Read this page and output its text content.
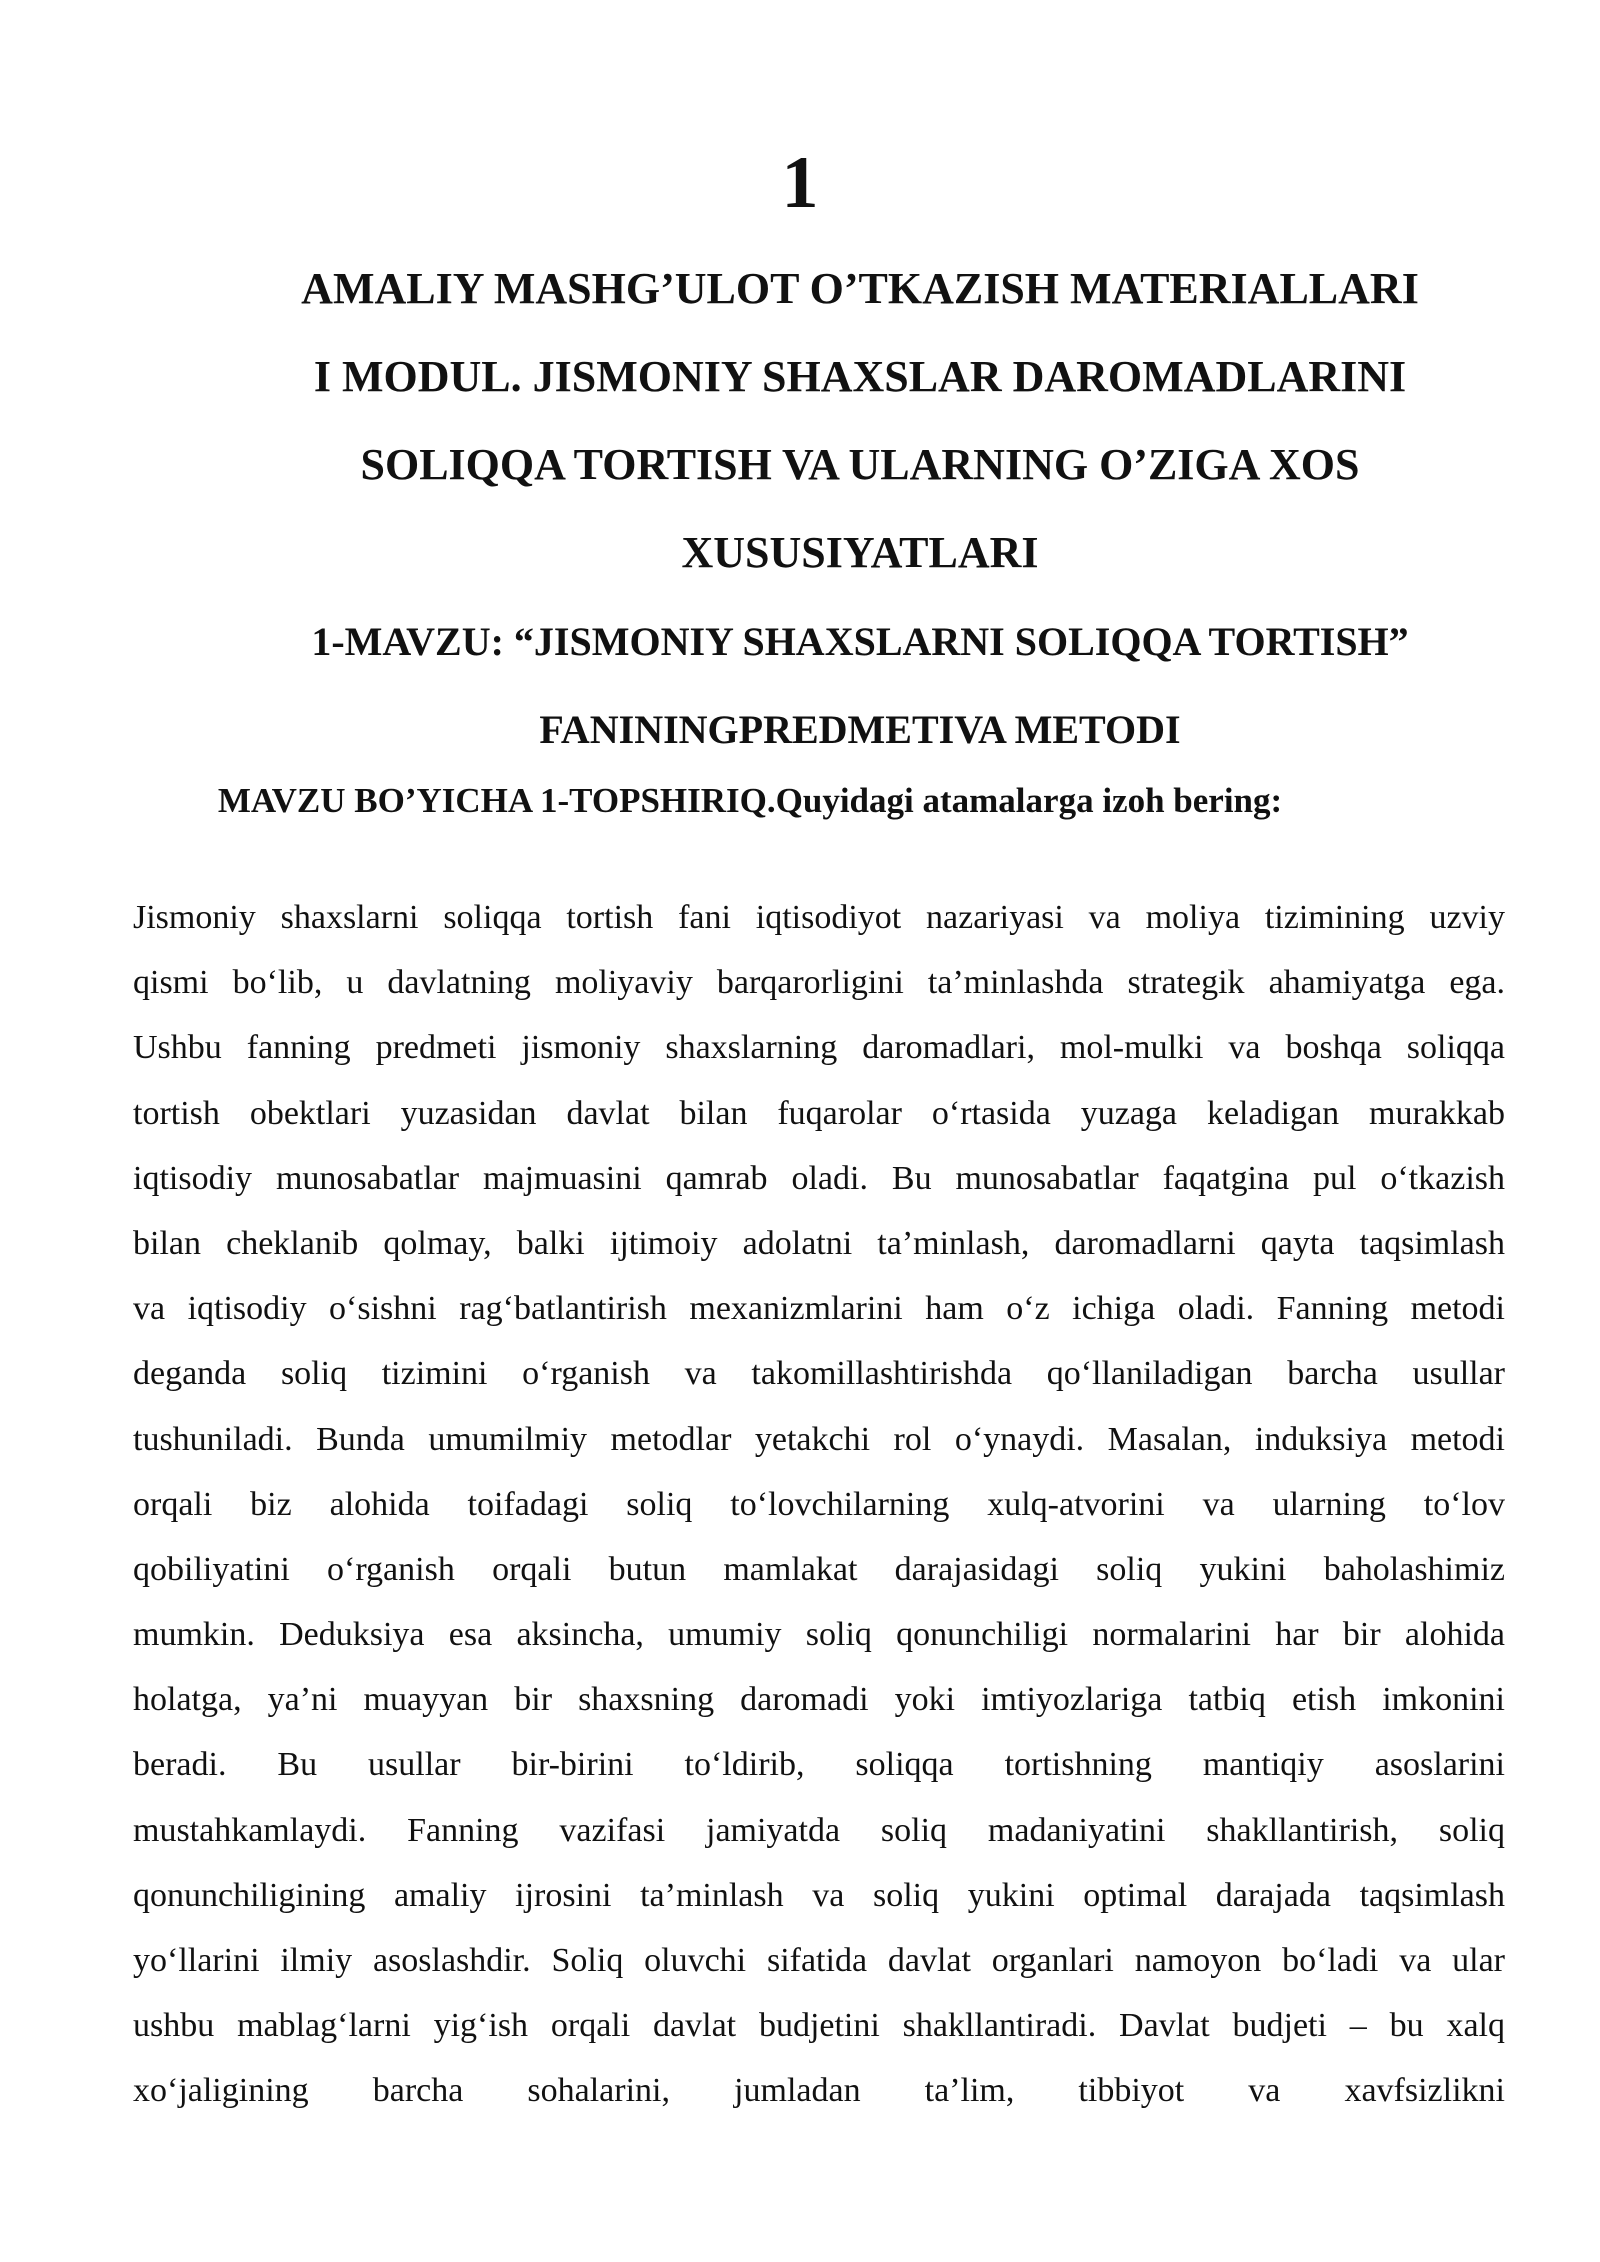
1
AMALIY MASHG’ULOT O’TKAZISH MATERIALLARI
I MODUL. JISMONIY SHAXSLAR DAROMADLARINI
SOLIQQA TORTISH VA ULARNING O’ZIGA XOS
XUSUSIYATLARI
1-MAVZU: “JISMONIY SHAXSLARNI SOLIQQA TORTISH”
FANININGPREDMETIVA METODI

MAVZU BO’YICHA 1-TOPSHIRIQ.Quyidagi atamalarga izoh bering:

Jismoniy shaxslarni soliqqa tortish fani iqtisodiyot nazariyasi va moliya tizimining uzviy
qismi bo‘lib, u davlatning moliyaviy barqarorligini ta’minlashda strategik ahamiyatga ega.
Ushbu fanning predmeti jismoniy shaxslarning daromadlari, mol-mulki va boshqa soliqqa
tortish obektlari yuzasidan davlat bilan fuqarolar o‘rtasida yuzaga keladigan murakkab
iqtisodiy munosabatlar majmuasini qamrab oladi. Bu munosabatlar faqatgina pul o‘tkazish
bilan cheklanib qolmay, balki ijtimoiy adolatni ta’minlash, daromadlarni qayta taqsimlash
va iqtisodiy o‘sishni rag‘batlantirish mexanizmlarini ham o‘z ichiga oladi. Fanning metodi
deganda soliq tizimini o‘rganish va takomillashtirishda qo‘llaniladigan barcha usullar
tushuniladi. Bunda umumilmiy metodlar yetakchi rol o‘ynaydi. Masalan, induksiya metodi
orqali biz alohida toifadagi soliq to‘lovchilarning xulq-atvorini va ularning to‘lov
qobiliyatini o‘rganish orqali butun mamlakat darajasidagi soliq yukini baholashimiz
mumkin. Deduksiya esa aksincha, umumiy soliq qonunchiligi normalarini har bir alohida
holatga, ya’ni muayyan bir shaxsning daromadi yoki imtiyozlariga tatbiq etish imkonini
beradi. Bu usullar bir-birini to‘ldirib, soliqqa tortishning mantiqiy asoslarini
mustahkamlaydi. Fanning vazifasi jamiyatda soliq madaniyatini shakllantirish, soliq
qonunchiligining amaliy ijrosini ta’minlash va soliq yukini optimal darajada taqsimlash
yo‘llarini ilmiy asoslashdir. Soliq oluvchi sifatida davlat organlari namoyon bo‘ladi va ular
ushbu mablag‘larni yig‘ish orqali davlat budjetini shakllantiradi. Davlat budjeti – bu xalq
xo‘jaligining barcha sohalarini, jumladan ta’lim, tibbiyot va xavfsizlikni
